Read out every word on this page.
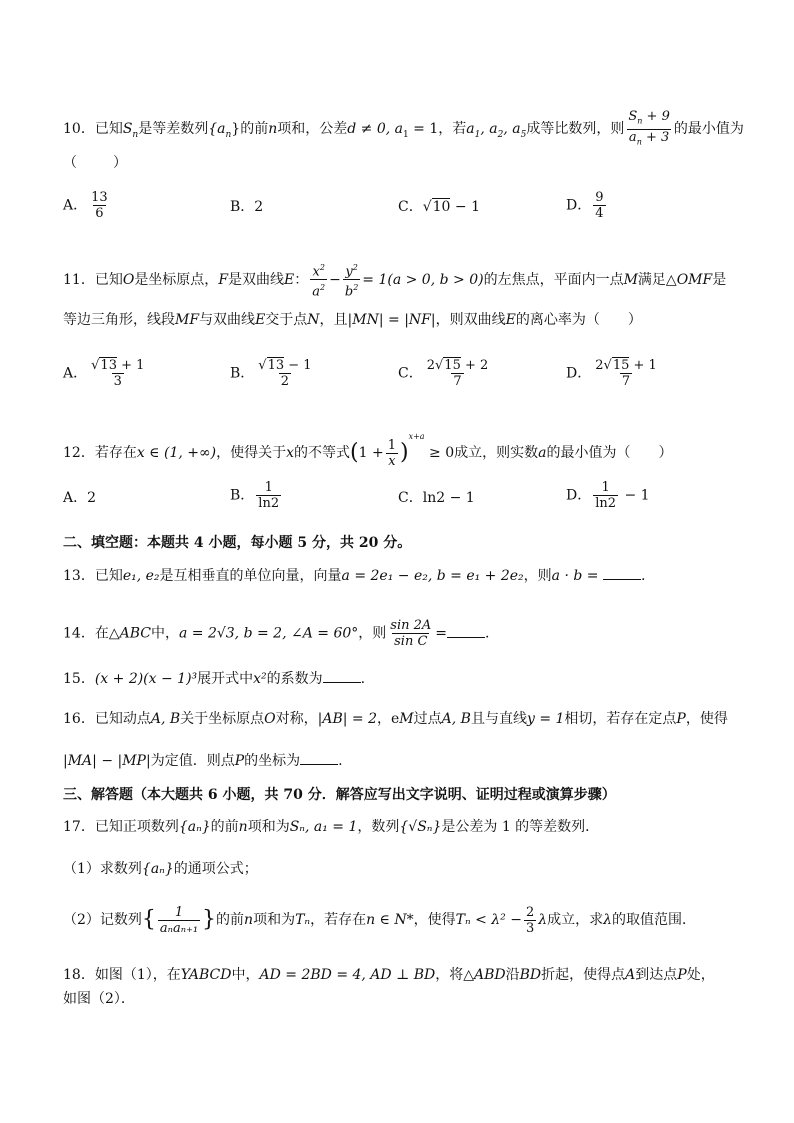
10．已知$S_n$是等差数列$\{a_n\}$的前n项和，公差d ≠ 0, $a_1 = 1$，若$a_1$, $a_2$, $a_5$成等比数列，则 $\frac{S_n + 9}{a_n + 3}$ 的最小值为
（	）
A． $\frac{13}{6}$	B．2	C．√10 − 1	D． $\frac{9}{4}$
11．已知O是坐标原点，F是双曲线E： $\frac{x^2}{a^2} - \frac{y^2}{b^2} = 1(a > 0$, b > 0)的左焦点，平面内一点M满足△OMF是
等边三角形，线段MF与双曲线E交于点N，且|MN| = |NF|，则双曲线E的离心率为（　　）
A． $\frac{√13 + 1}{3}$	B． $\frac{√13 - 1}{2}$	C． $\frac{2√15 + 2}{7}$	D． $\frac{2√15 + 1}{7}$
12．若存在x ∈ (1, +∞)，使得关于x的不等式$(1 + \frac{1}{x} )^{x+a} \ge 0$成立，则实数a的最小值为（　　）
A．2	B． $\frac{1}{\ln 2}$	C．ln2 − 1	D． $\frac{1}{\ln 2} - 1$
二、填空题：本题共 4 小题，每小题 5 分，共 20 分。
13．已知e₁, e₂是互相垂直的单位向量，向量a = 2e₁ − e₂, b = e₁ + 2e₂，则a · b =	.
14．在△ABC中，a = 2√3, b = 2, ∠A = 60°，则 $\frac{\sin 2A}{\text{sin C}}$ =	.
15．(x + 2)(x − 1)³展开式中x²的系数为	.
16．已知动点A, B关于坐标原点O对称，|AB| = 2，eM过点A, B且与直线y = 1相切，若存在定点P，使得
|MA| − |MP|为定值．则点P的坐标为	.
三、解答题（本大题共 6 小题，共 70 分．解答应写出文字说明、证明过程或演算步骤）
17．已知正项数列{aₙ}的前n项和为Sₙ, a₁ = 1，数列{√Sₙ}是公差为 1 的等差数列．
（1）求数列{aₙ}的通项公式；
（2）记数列{ $\frac{1}{\text{aₙaₙ₊₁}}$ }的前n项和为Tₙ，若存在n ∈ N*，使得$T_n < \lambda^2 - \frac{2}{3}$ λ成立，求λ的取值范围．
18．如图（1），在YABCD中，AD = 2BD = 4, AD ⊥ BD，将△ABD沿BD折起，使得点A到达点P处，
如图（2）．
